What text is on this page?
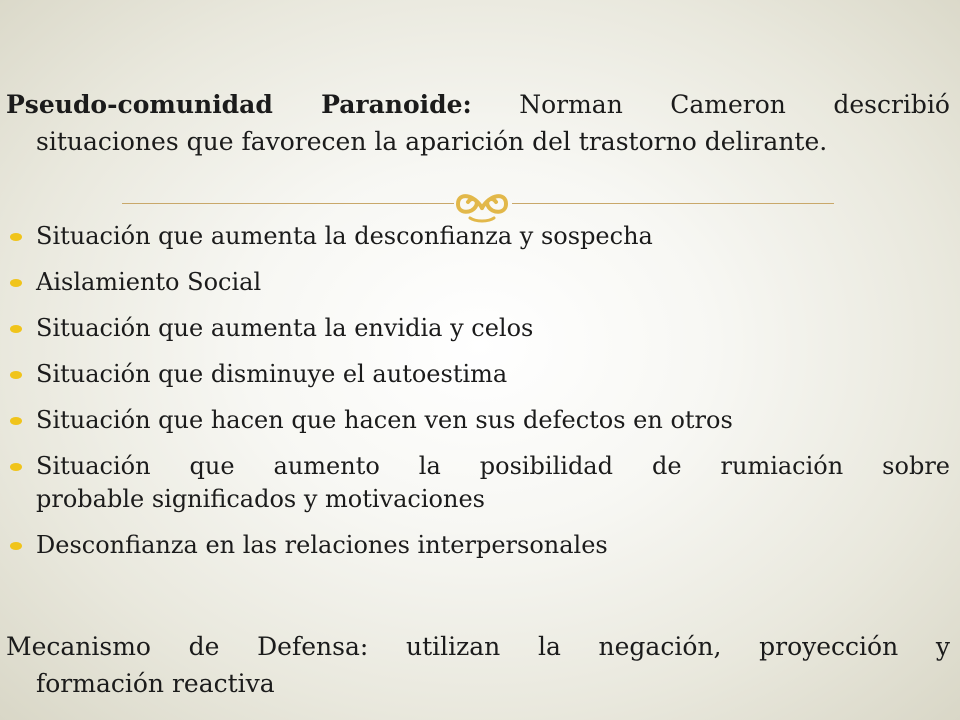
Pseudo-comunidad Paranoide: Norman Cameron describió
situaciones que favorecen la aparición del trastorno delirante.

Situación que aumenta la desconfianza y sospecha
Aislamiento Social
Situación que aumenta la envidia y celos
Situación que disminuye el autoestima
Situación que hacen que hacen ven sus defectos en otros
Situación que aumento la posibilidad de rumiación sobre
probable significados y motivaciones
Desconfianza en las relaciones interpersonales

Mecanismo de Defensa: utilizan la negación, proyección y
formación reactiva
